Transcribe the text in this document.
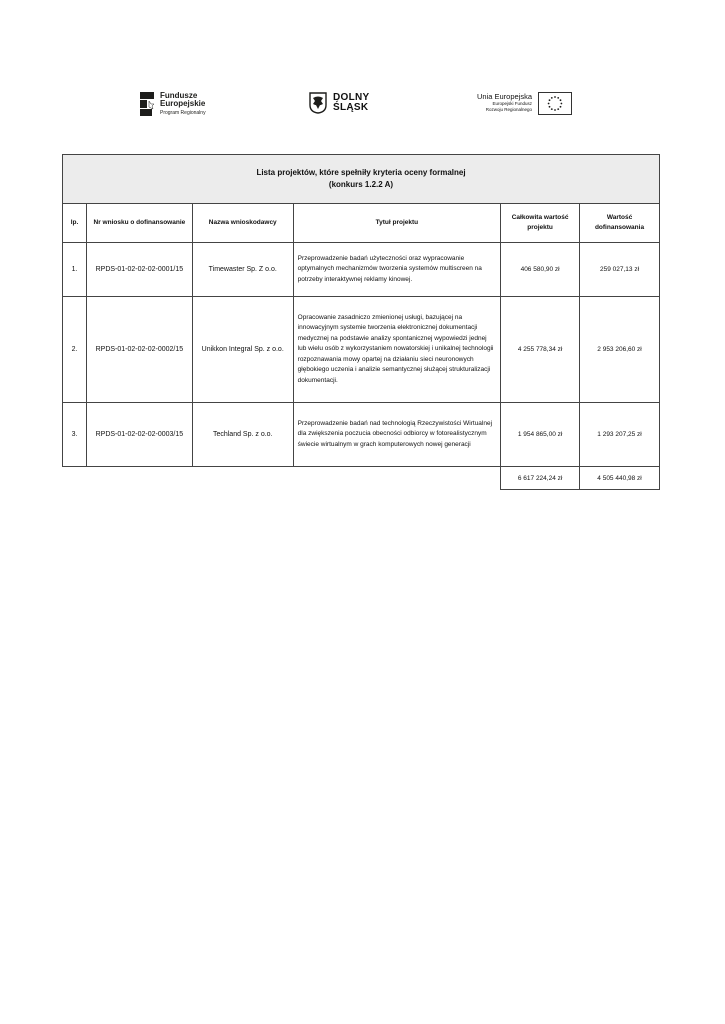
Fundusze
Europejskie
Program Regionalny
DOLNY
ŚLĄSK
Unia Europejska
Europejski Fundusz
Rozwoju Regionalnego
Lista projektów, które spełniły kryteria oceny formalnej
(konkurs 1.2.2 A)					

lp.	Nr wniosku o dofinansowanie	Nazwa wnioskodawcy	Tytuł projektu	Całkowita wartość projektu	Wartość dofinansowania
1.	RPDS-01-02-02-02-0001/15	Timewaster Sp. Z o.o.	Przeprowadzenie badań użyteczności oraz wypracowanie optymalnych mechanizmów tworzenia systemów multiscreen na potrzeby interaktywnej reklamy kinowej.	406 580,90 zł	259 027,13 zł
2.	RPDS-01-02-02-02-0002/15	Unikkon Integral Sp. z o.o.	Opracowanie zasadniczo zmienionej usługi, bazującej na innowacyjnym systemie tworzenia elektronicznej dokumentacji medycznej na podstawie analizy spontanicznej wypowiedzi jednej lub wielu osób z wykorzystaniem nowatorskiej i unikalnej technologii rozpoznawania mowy opartej na działaniu sieci neuronowych głębokiego uczenia i analizie semantycznej służącej strukturalizacji dokumentacji.	4 255 778,34 zł	2 953 206,60 zł
3.	RPDS-01-02-02-02-0003/15	Techland Sp. z o.o.	Przeprowadzenie badań nad technologią Rzeczywistości Wirtualnej dla zwiększenia poczucia obecności odbiorcy w fotorealistycznym świecie wirtualnym w grach komputerowych nowej generacji	1 954 865,00 zł	1 293 207,25 zł
				6 617 224,24 zł	4 505 440,98 zł
